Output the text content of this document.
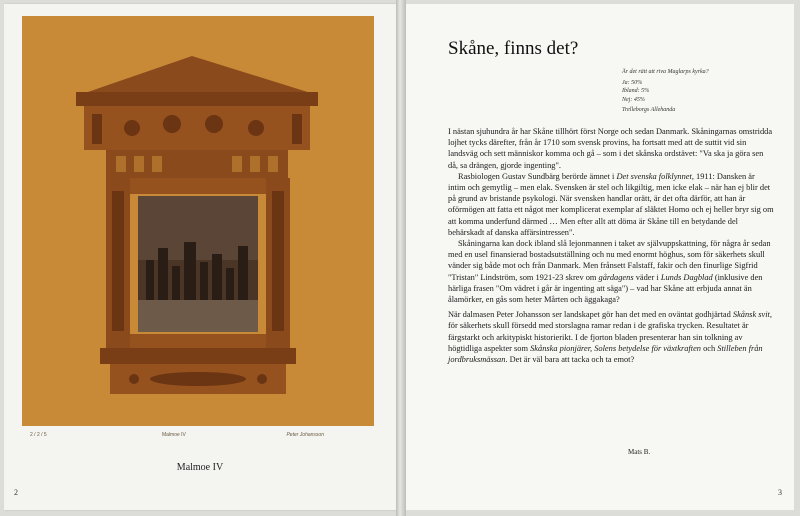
2 / 2 / 5	Malmoe IV	Peter Johansson
Malmoe IV
2
Skåne, finns det?
Är det rätt att riva Maglarps kyrka?
Ja: 50%
Ibland: 5%
Nej: 45%
Trelleborgs Allehanda

I nästan sjuhundra år har Skåne tillhört först Norge och sedan Danmark. Skåningarnas omstridda lojhet tycks därefter, från år 1710 som svensk provins, ha fortsatt med att de suttit vid sin landsväg och sett människor komma och gå – som i det skånska ordstävet: "Va ska ja göra sen då, sa drängen, gjorde ingenting".

Rasbiologen Gustav Sundbärg berörde ämnet i Det svenska folklynnet, 1911: Dansken är intim och gemytlig – men elak. Svensken är stel och likgiltig, men icke elak – när han ej blir det på grund av bristande psykologi. När svensken handlar orätt, är det ofta därför, att han är oförmögen att fatta ett något mer komplicerat exemplar af släktet Homo och ej heller bryr sig om att komma underfund därmed … Men efter allt att döma är Skåne till en betydande del behärskadt af danska affärsintressen".

Skåningarna kan dock ibland slå lejonmannen i taket av självuppskattning, för några år sedan med en usel finansierad bostadsutställning och nu med enormt höghus, som för säkerhets skull vänder sig både mot och från Danmark. Men frånsett Falstaff, fakir och den finurlige Sigfrid "Tristan" Lindström, som 1921-23 skrev om gårdagens väder i Lunds Dagblad (inklusive den härliga frasen "Om vädret i går är ingenting att säga") – vad har Skåne att erbjuda annat än ålamörker, en gås som heter Mårten och äggakaga?

När dalmasen Peter Johansson ser landskapet gör han det med en oväntat godhjärtad Skånsk svit, för säkerhets skull försedd med storslagna ramar redan i de grafiska trycken. Resultatet är färgstarkt och arkitypiskt historierikt. I de fjorton bladen presenterar han sin tolkning av högtidliga aspekter som Skånska pionjärer, Solens betydelse för växtkraften och Stilleben från jordbruksmässan. Det är väl bara att tacka och ta emot?

Mats B.
3
